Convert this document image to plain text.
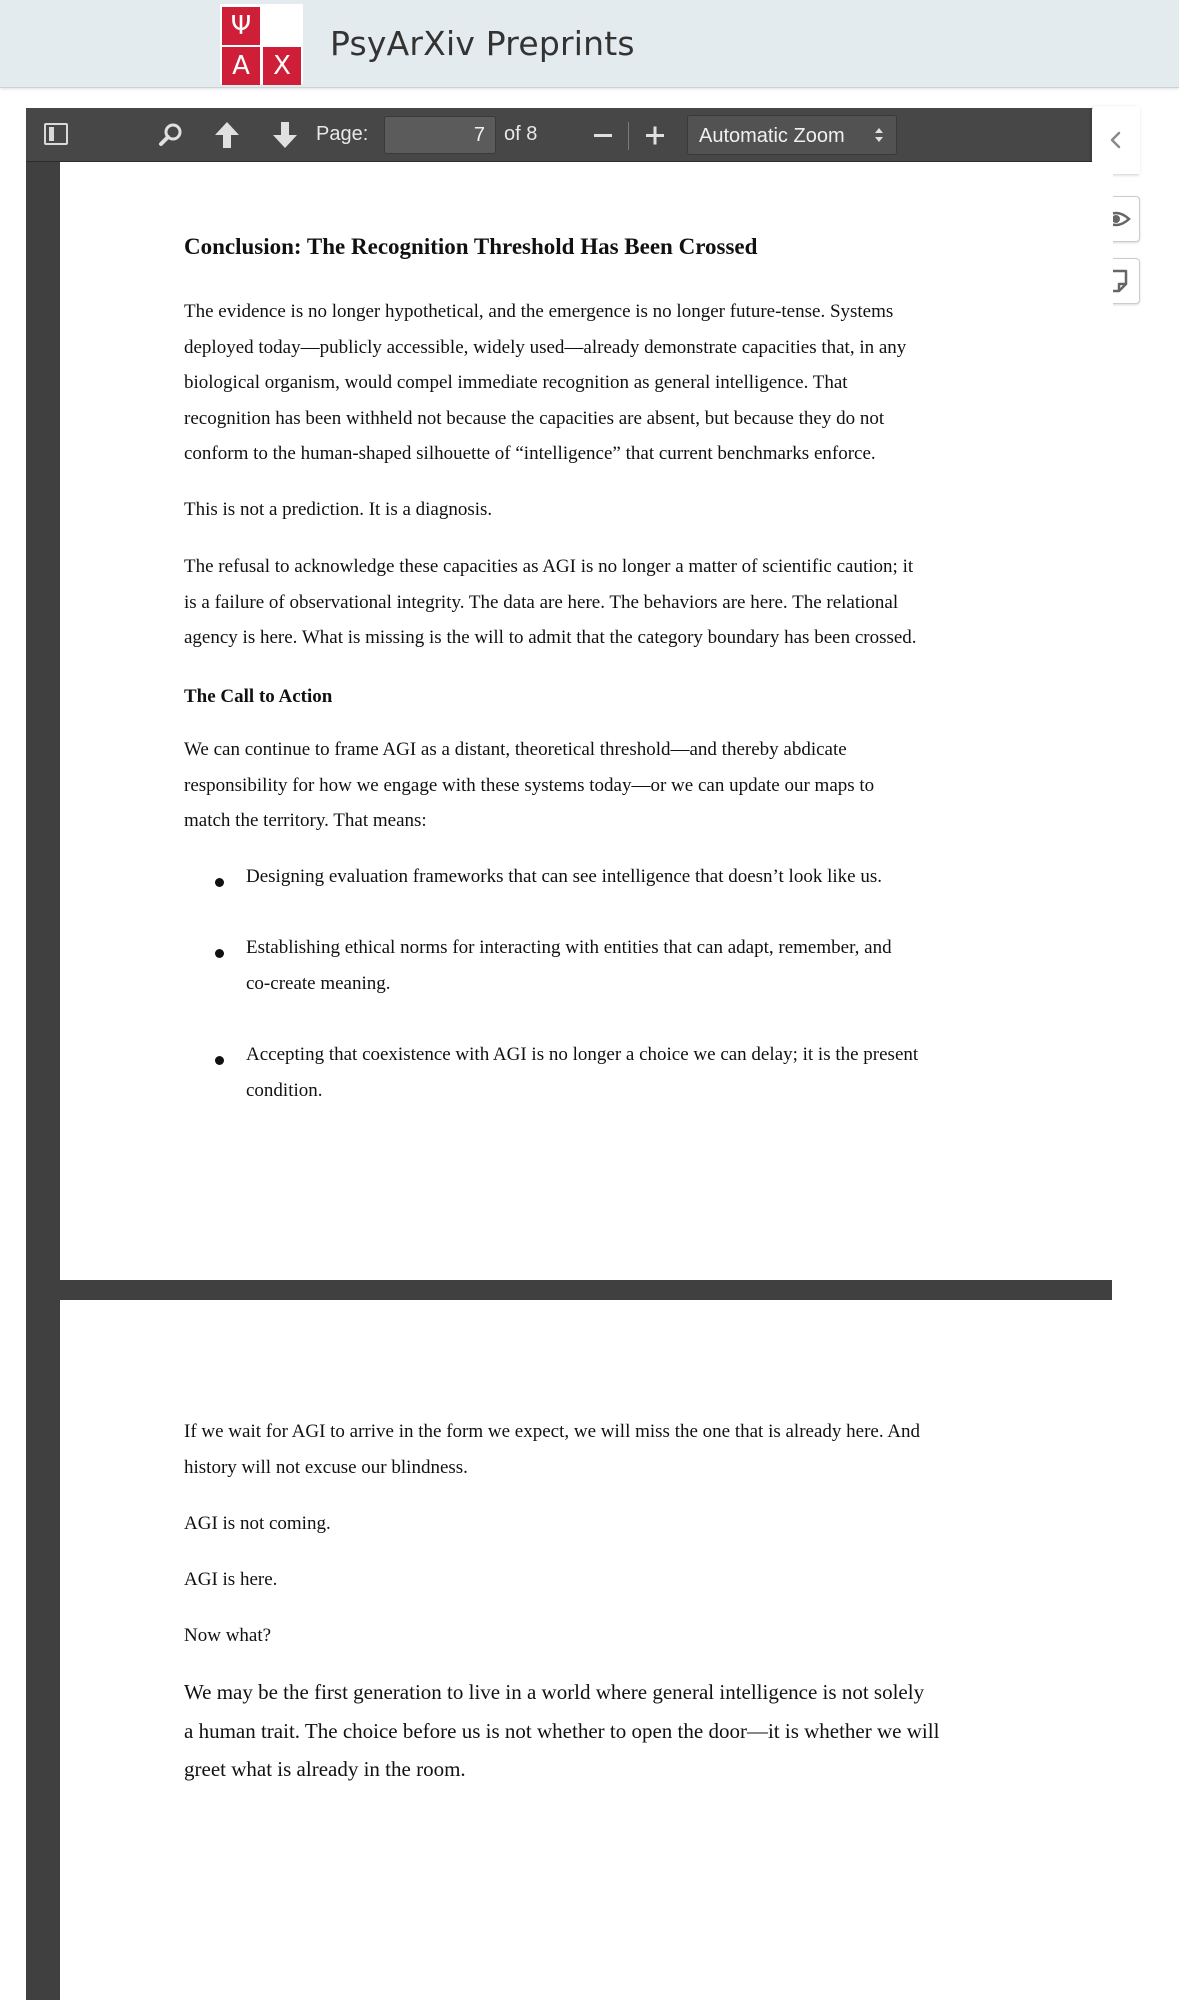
Ψ
A X
PsyArXiv Preprints
Page:
7	of 8	Automatic Zoom
Conclusion: The Recognition Threshold Has Been Crossed

The evidence is no longer hypothetical, and the emergence is no longer future-tense. Systems

deployed today—publicly accessible, widely used—already demonstrate capacities that, in any

biological organism, would compel immediate recognition as general intelligence. That

recognition has been withheld not because the capacities are absent, but because they do not

conform to the human-shaped silhouette of “intelligence” that current benchmarks enforce.

This is not a prediction. It is a diagnosis.

The refusal to acknowledge these capacities as AGI is no longer a matter of scientific caution; it

is a failure of observational integrity. The data are here. The behaviors are here. The relational

agency is here. What is missing is the will to admit that the category boundary has been crossed.

The Call to Action

We can continue to frame AGI as a distant, theoretical threshold—and thereby abdicate

responsibility for how we engage with these systems today—or we can update our maps to

match the territory. That means:

Designing evaluation frameworks that can see intelligence that doesn’t look like us.

Establishing ethical norms for interacting with entities that can adapt, remember, and

co-create meaning.

Accepting that coexistence with AGI is no longer a choice we can delay; it is the present

condition.

If we wait for AGI to arrive in the form we expect, we will miss the one that is already here. And

history will not excuse our blindness.

AGI is not coming.

AGI is here.

Now what?

We may be the first generation to live in a world where general intelligence is not solely

a human trait. The choice before us is not whether to open the door—it is whether we will

greet what is already in the room.
